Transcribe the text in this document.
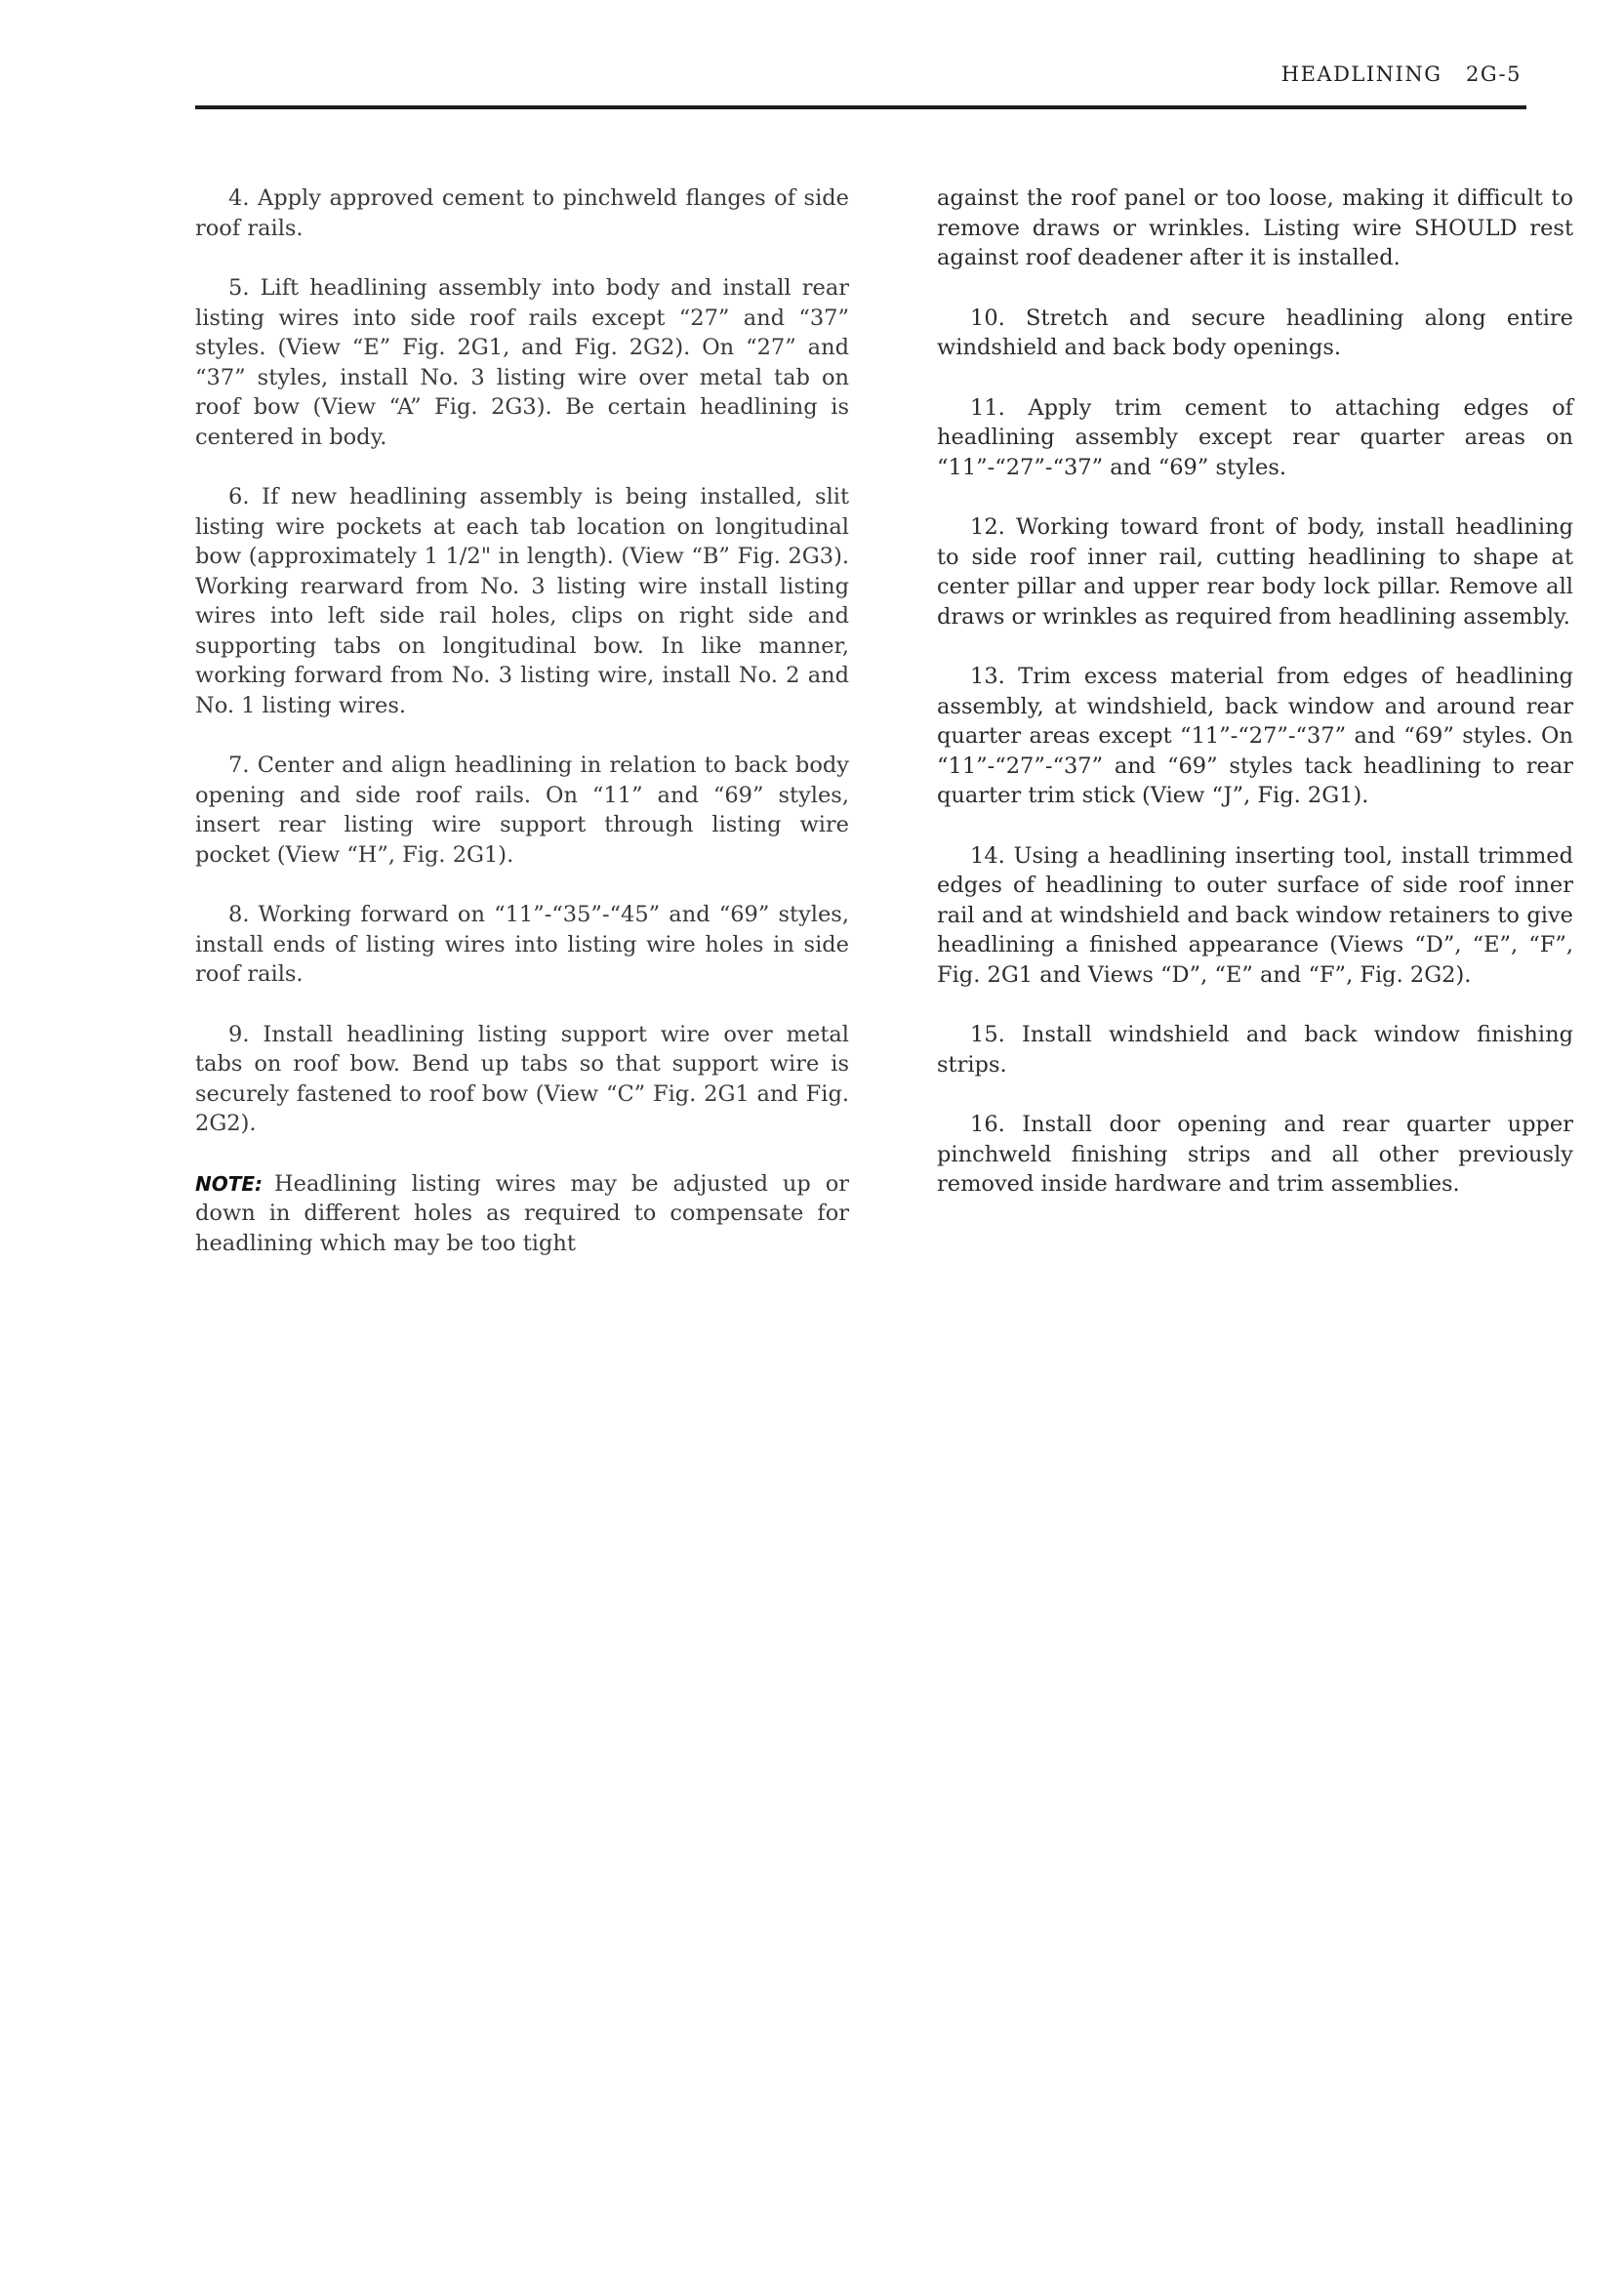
HEADLINING 2G-5

4. Apply approved cement to pinchweld flanges of side roof rails.

5. Lift headlining assembly into body and install rear listing wires into side roof rails except “27” and “37” styles. (View “E” Fig. 2G1, and Fig. 2G2). On “27” and “37” styles, install No. 3 listing wire over metal tab on roof bow (View “A” Fig. 2G3). Be certain headlining is centered in body.

6. If new headlining assembly is being installed, slit listing wire pockets at each tab location on longitudinal bow (approximately 1 1/2" in length). (View “B” Fig. 2G3). Working rearward from No. 3 listing wire install listing wires into left side rail holes, clips on right side and supporting tabs on longitudinal bow. In like manner, working forward from No. 3 listing wire, install No. 2 and No. 1 listing wires.

7. Center and align headlining in relation to back body opening and side roof rails. On “11” and “69” styles, insert rear listing wire support through listing wire pocket (View “H”, Fig. 2G1).

8. Working forward on “11”-“35”-“45” and “69” styles, install ends of listing wires into listing wire holes in side roof rails.

9. Install headlining listing support wire over metal tabs on roof bow. Bend up tabs so that support wire is securely fastened to roof bow (View “C” Fig. 2G1 and Fig. 2G2).

NOTE: Headlining listing wires may be adjusted up or down in different holes as required to compensate for headlining which may be too tight

against the roof panel or too loose, making it difficult to remove draws or wrinkles. Listing wire SHOULD rest against roof deadener after it is installed.

10. Stretch and secure headlining along entire windshield and back body openings.

11. Apply trim cement to attaching edges of headlining assembly except rear quarter areas on “11”-“27”-“37” and “69” styles.

12. Working toward front of body, install headlining to side roof inner rail, cutting headlining to shape at center pillar and upper rear body lock pillar. Remove all draws or wrinkles as required from headlining assembly.

13. Trim excess material from edges of headlining assembly, at windshield, back window and around rear quarter areas except “11”-“27”-“37” and “69” styles. On “11”-“27”-“37” and “69” styles tack headlining to rear quarter trim stick (View “J”, Fig. 2G1).

14. Using a headlining inserting tool, install trimmed edges of headlining to outer surface of side roof inner rail and at windshield and back window retainers to give headlining a finished appearance (Views “D”, “E”, “F”, Fig. 2G1 and Views “D”, “E” and “F”, Fig. 2G2).

15. Install windshield and back window finishing strips.

16. Install door opening and rear quarter upper pinchweld finishing strips and all other previously removed inside hardware and trim assemblies.
